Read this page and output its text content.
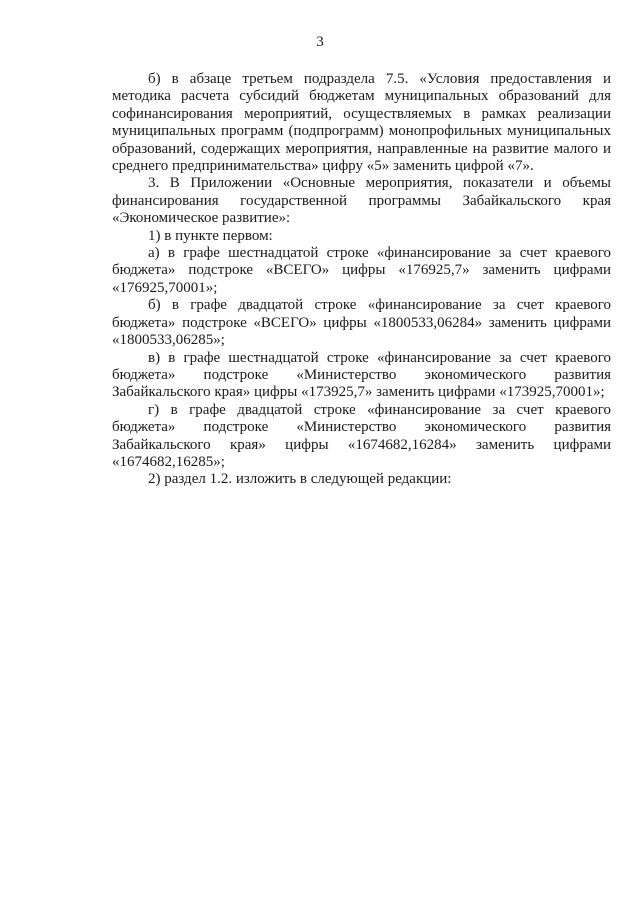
3

б) в абзаце третьем подраздела 7.5. «Условия предоставления и методика расчета субсидий бюджетам муниципальных образований для софинансирования мероприятий, осуществляемых в рамках реализации муниципальных программ (подпрограмм) монопрофильных муниципальных образований, содержащих мероприятия, направленные на развитие малого и среднего предпринимательства» цифру «5» заменить цифрой «7».

3. В Приложении «Основные мероприятия, показатели и объемы финансирования государственной программы Забайкальского края «Экономическое развитие»:

1) в пункте первом:

а) в графе шестнадцатой строке «финансирование за счет краевого бюджета» подстроке «ВСЕГО» цифры «176925,7» заменить цифрами «176925,70001»;

б) в графе двадцатой строке «финансирование за счет краевого бюджета» подстроке «ВСЕГО» цифры «1800533,06284» заменить цифрами «1800533,06285»;

в) в графе шестнадцатой строке «финансирование за счет краевого бюджета» подстроке «Министерство экономического развития Забайкальского края» цифры «173925,7» заменить цифрами «173925,70001»;

г) в графе двадцатой строке «финансирование за счет краевого бюджета» подстроке «Министерство экономического развития Забайкальского края» цифры «1674682,16284» заменить цифрами «1674682,16285»;

2) раздел 1.2. изложить в следующей редакции:
